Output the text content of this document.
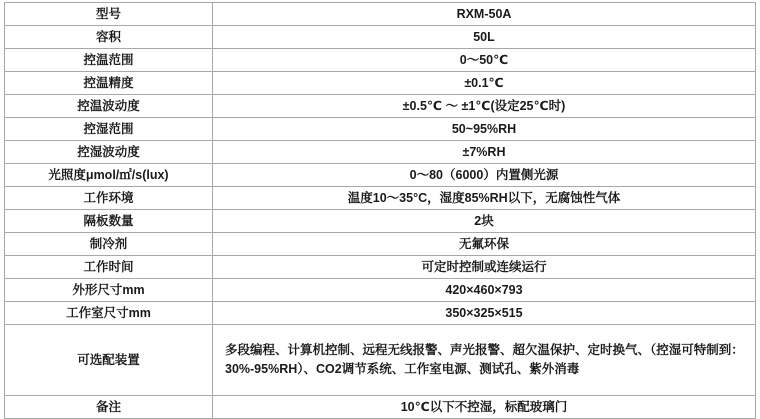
型号	RXM-50A
容积	50L
控温范围	0～50℃
控温精度	±0.1℃
控温波动度	±0.5℃ ～ ±1℃(设定25℃时)
控湿范围	50~95%RH
控湿波动度	±7%RH
光照度μmol/㎡/s(lux)	0～80（6000）内置侧光源
工作环境	温度10～35°C，湿度85%RH以下，无腐蚀性气体
隔板数量	2块
制冷剂	无氟环保
工作时间	可定时控制或连续运行
外形尺寸mm	420×460×793
工作室尺寸mm	350×325×515
可选配装置	多段编程、计算机控制、远程无线报警、声光报警、超欠温保护、定时换气、（控湿可特制到：30%-95%RH）、CO2调节系统、工作室电源、测试孔、紫外消毒
备注	10℃以下不控湿，标配玻璃门
